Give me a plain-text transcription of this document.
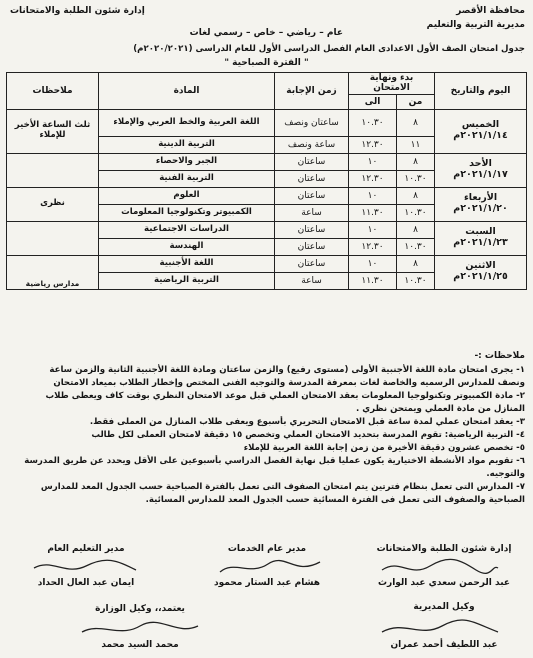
محافظة الأقصر
مديرية التربية والتعليم
إدارة شئون الطلبة والامتحانات
عام – رياضي – خاص – رسمي لغات
جدول امتحان الصف الأول الاعدادى العام الفصل الدراسى الأول للعام الدراسى (٢٠٢٠/٢٠٢١م)
" الفترة الصباحية "
اليوم والتاريخ	بدء ونهاية الامتحان		زمن الإجابة	المادة	ملاحظات
	من	الى			

الخميس
٢٠٢١/١/١٤م	٨	١٠.٣٠	ساعتان ونصف	اللغة العربية والخط العربي والإملاء	ثلث الساعة الأخير للإملاء
	١١	١٢.٣٠	ساعة ونصف	التربية الدينية	

الأحد
٢٠٢١/١/١٧م	٨	١٠	ساعتان	الجبر والاحصاء	
	١٠.٣٠	١٢.٣٠	ساعتان	التربية الفنية	

الأربعاء
٢٠٢١/١/٢٠م	٨	١٠	ساعتان	العلوم	نظرى
	١٠.٣٠	١١.٣٠	ساعة	الكمبيوتر وتكنولوجيا المعلومات	

السبت
٢٠٢١/١/٢٣م	٨	١٠	ساعتان	الدراسات الاجتماعية	
	١٠.٣٠	١٢.٣٠	ساعتان	الهندسة	

الاثنين
٢٠٢١/١/٢٥م	٨	١٠	ساعتان	اللغة الأجنبية	مدارس رياضية
	١٠.٣٠	١١.٣٠	ساعة	التربية الرياضية	
ملاحظات :-
١- يجرى امتحان مادة اللغة الأجنبية الأولى (مستوى رفيع) والزمن ساعتان ومادة اللغة الأجنبية الثانية والزمن ساعة
ونصف للمدارس الرسميه والخاصة لغات بمعرفة المدرسة والتوجيه الفنى المختص وإخطار الطلاب بميعاد الامتحان
٢- مادة الكمبيوتر وتكنولوجيا المعلومات بعقد الامتحان العملي قبل موعد الامتحان النظري بوقت كاف ويعطى طلاب
المنازل من مادة العملي ويمتحن نظري .
٣- يعقد امتحان عملي لمدة ساعة قبل الامتحان التحريري بأسبوع ويعفى طلاب المنازل من العملى فقط.
٤- التربية الرياضية: تقوم المدرسة بتحديد الامتحان العملي وتخصص ١٥ دقيقة لامتحان العملى لكل طالب
٥- تخصص عشرون دقيقة الأخيرة من زمن إجابة اللغة العربية للإملاء
٦- تقويم مواد الأنشطة الاختيارية يكون عمليا قبل نهاية الفصل الدراسي بأسبوعين على الأقل ويحدد عن طريق المدرسة
والتوجيه.
٧- المدارس التى تعمل بنظام فترتين يتم امتحان الصفوف التى تعمل بالفترة الصباحية حسب الجدول المعد للمدارس
الصباحية والصفوف التى تعمل فى الفترة المسائية حسب الجدول المعد للمدارس المسائية.
إدارة شئون الطلبة والامتحانات
عبد الرحمن سعدي عبد الوارث
مدير عام الخدمات
هشام عبد الستار محمود
مدير التعليم العام
ايمان عبد العال الحداد
وكيل المديرية
عبد اللطيف أحمد عمران
يعتمد،، وكيل الوزارة
محمد السيد محمد
